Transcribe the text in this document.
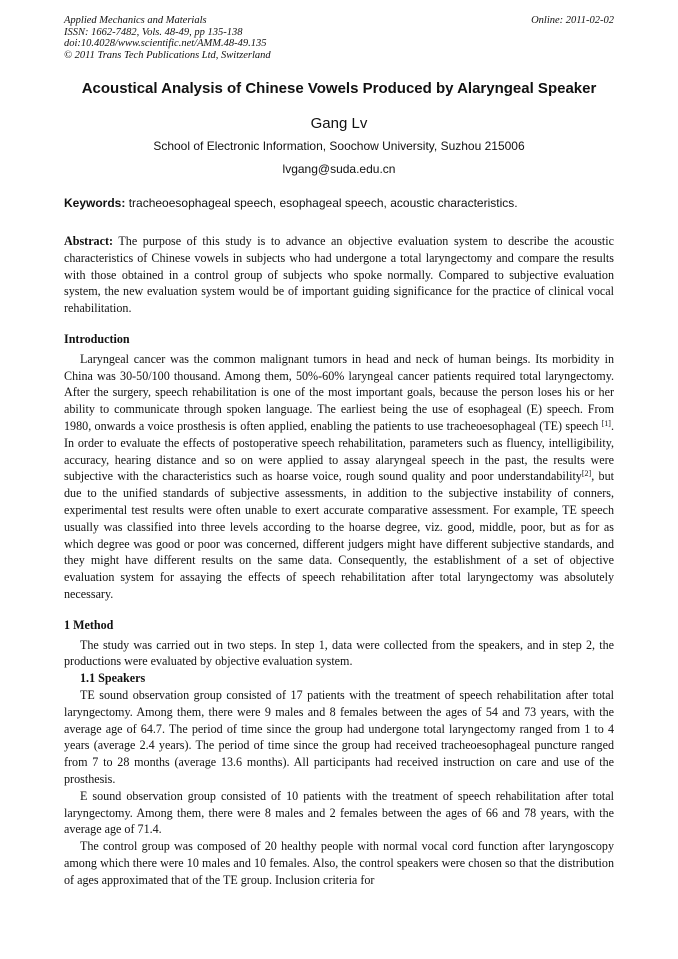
Applied Mechanics and Materials
ISSN: 1662-7482, Vols. 48-49, pp 135-138
doi:10.4028/www.scientific.net/AMM.48-49.135
© 2011 Trans Tech Publications Ltd, Switzerland
Online: 2011-02-02
Acoustical Analysis of Chinese Vowels Produced by Alaryngeal Speaker
Gang Lv
School of Electronic Information, Soochow University, Suzhou 215006
lvgang@suda.edu.cn
Keywords: tracheoesophageal speech, esophageal speech, acoustic characteristics.

Abstract: The purpose of this study is to advance an objective evaluation system to describe the acoustic characteristics of Chinese vowels in subjects who had undergone a total laryngectomy and compare the results with those obtained in a control group of subjects who spoke normally. Compared to subjective evaluation system, the new evaluation system would be of important guiding significance for the practice of clinical vocal rehabilitation.

Introduction

Laryngeal cancer was the common malignant tumors in head and neck of human beings. Its morbidity in China was 30-50/100 thousand. Among them, 50%-60% laryngeal cancer patients required total laryngectomy. After the surgery, speech rehabilitation is one of the most important goals, because the person loses his or her ability to communicate through spoken language. The earliest being the use of esophageal (E) speech. From 1980, onwards a voice prosthesis is often applied, enabling the patients to use tracheoesophageal (TE) speech [1]. In order to evaluate the effects of postoperative speech rehabilitation, parameters such as fluency, intelligibility, accuracy, hearing distance and so on were applied to assay alaryngeal speech in the past, the results were subjective with the characteristics such as hoarse voice, rough sound quality and poor understandability[2], but due to the unified standards of subjective assessments, in addition to the subjective instability of conners, experimental test results were often unable to exert accurate comparative assessment. For example, TE speech usually was classified into three levels according to the hoarse degree, viz. good, middle, poor, but as for as which degree was good or poor was concerned, different judgers might have different subjective standards, and they might have different results on the same data. Consequently, the establishment of a set of objective evaluation system for assaying the effects of speech rehabilitation after total laryngectomy was absolutely necessary.

1 Method

The study was carried out in two steps. In step 1, data were collected from the speakers, and in step 2, the productions were evaluated by objective evaluation system.

1.1 Speakers

TE sound observation group consisted of 17 patients with the treatment of speech rehabilitation after total laryngectomy. Among them, there were 9 males and 8 females between the ages of 54 and 73 years, with the average age of 64.7. The period of time since the group had undergone total laryngectomy ranged from 1 to 4 years (average 2.4 years). The period of time since the group had received tracheoesophageal puncture ranged from 7 to 28 months (average 13.6 months). All participants had received instruction on care and use of the prosthesis.

E sound observation group consisted of 10 patients with the treatment of speech rehabilitation after total laryngectomy. Among them, there were 8 males and 2 females between the ages of 66 and 78 years, with the average age of 71.4.

The control group was composed of 20 healthy people with normal vocal cord function after laryngoscopy among which there were 10 males and 10 females. Also, the control speakers were chosen so that the distribution of ages approximated that of the TE group. Inclusion criteria for
